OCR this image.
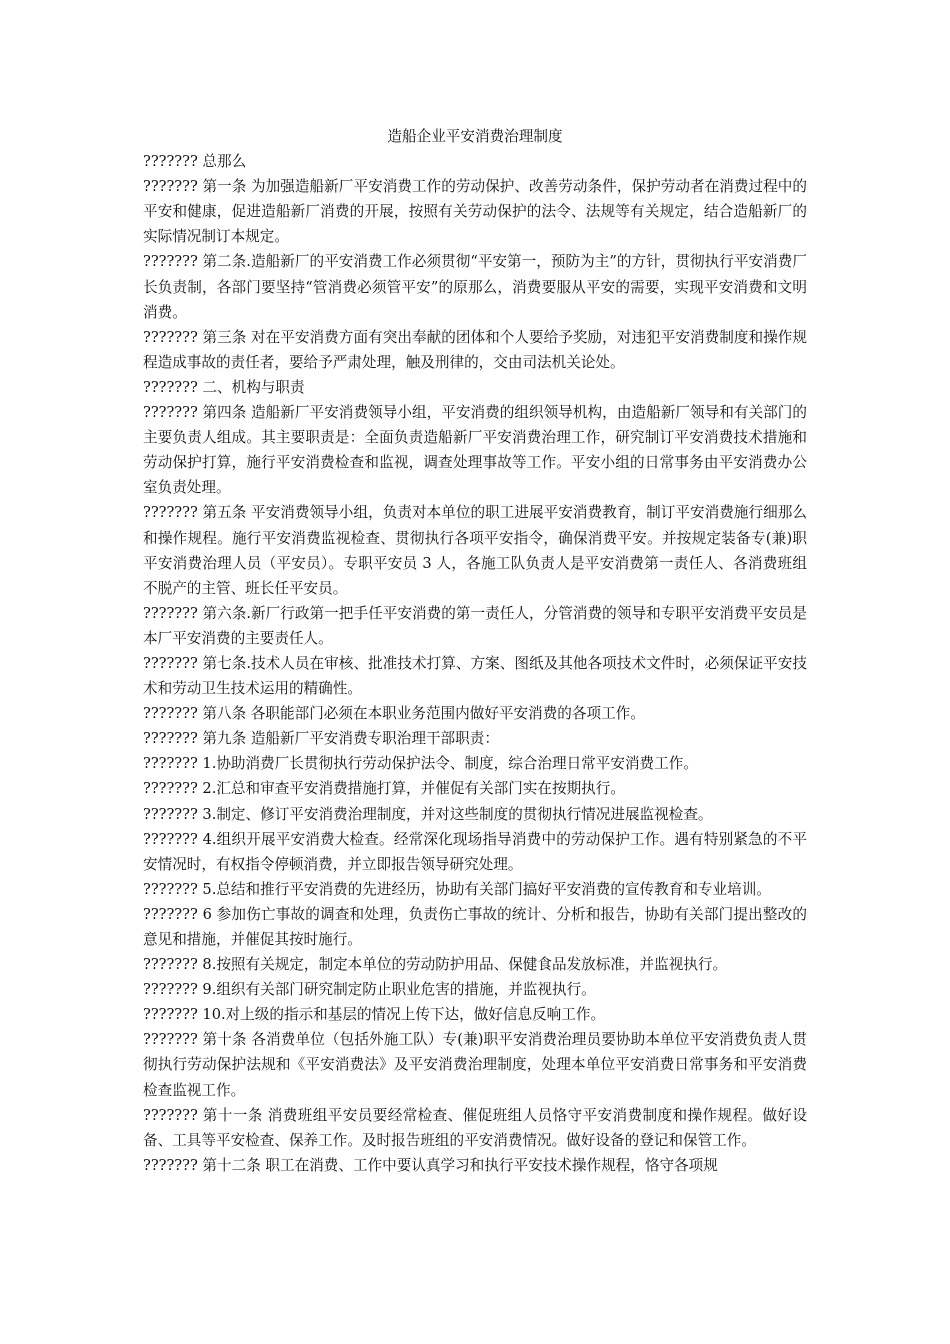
造船企业平安消费治理制度

??????? 总那么

??????? 第一条 为加强造船新厂平安消费工作的劳动保护、改善劳动条件，保护劳动者在消费过程中的平安和健康，促进造船新厂消费的开展，按照有关劳动保护的法令、法规等有关规定，结合造船新厂的实际情况制订本规定。

??????? 第二条.造船新厂的平安消费工作必须贯彻“平安第一，预防为主”的方针，贯彻执行平安消费厂长负责制，各部门要坚持“管消费必须管平安”的原那么，消费要服从平安的需要，实现平安消费和文明消费。

??????? 第三条 对在平安消费方面有突出奉献的团体和个人要给予奖励，对违犯平安消费制度和操作规程造成事故的责任者，要给予严肃处理，触及刑律的，交由司法机关论处。

??????? 二、机构与职责

??????? 第四条 造船新厂平安消费领导小组，平安消费的组织领导机构，由造船新厂领导和有关部门的主要负责人组成。其主要职责是：全面负责造船新厂平安消费治理工作，研究制订平安消费技术措施和劳动保护打算，施行平安消费检查和监视，调查处理事故等工作。平安小组的日常事务由平安消费办公室负责处理。

??????? 第五条 平安消费领导小组，负责对本单位的职工进展平安消费教育，制订平安消费施行细那么和操作规程。施行平安消费监视检查、贯彻执行各项平安指令，确保消费平安。并按规定装备专(兼)职平安消费治理人员（平安员）。专职平安员 3 人，各施工队负责人是平安消费第一责任人、各消费班组不脱产的主管、班长任平安员。

??????? 第六条.新厂行政第一把手任平安消费的第一责任人，分管消费的领导和专职平安消费平安员是本厂平安消费的主要责任人。

??????? 第七条.技术人员在审核、批准技术打算、方案、图纸及其他各项技术文件时，必须保证平安技术和劳动卫生技术运用的精确性。

??????? 第八条 各职能部门必须在本职业务范围内做好平安消费的各项工作。

??????? 第九条 造船新厂平安消费专职治理干部职责：

??????? 1.协助消费厂长贯彻执行劳动保护法令、制度，综合治理日常平安消费工作。

??????? 2.汇总和审查平安消费措施打算，并催促有关部门实在按期执行。

??????? 3.制定、修订平安消费治理制度，并对这些制度的贯彻执行情况进展监视检查。

??????? 4.组织开展平安消费大检查。经常深化现场指导消费中的劳动保护工作。遇有特别紧急的不平安情况时，有权指令停顿消费，并立即报告领导研究处理。

??????? 5.总结和推行平安消费的先进经历，协助有关部门搞好平安消费的宣传教育和专业培训。

??????? 6 参加伤亡事故的调查和处理，负责伤亡事故的统计、分析和报告，协助有关部门提出整改的意见和措施，并催促其按时施行。

??????? 8.按照有关规定，制定本单位的劳动防护用品、保健食品发放标准，并监视执行。

??????? 9.组织有关部门研究制定防止职业危害的措施，并监视执行。

??????? 10.对上级的指示和基层的情况上传下达，做好信息反响工作。

??????? 第十条 各消费单位（包括外施工队）专(兼)职平安消费治理员要协助本单位平安消费负责人贯彻执行劳动保护法规和《平安消费法》及平安消费治理制度，处理本单位平安消费日常事务和平安消费检查监视工作。

??????? 第十一条 消费班组平安员要经常检查、催促班组人员恪守平安消费制度和操作规程。做好设备、工具等平安检查、保养工作。及时报告班组的平安消费情况。做好设备的登记和保管工作。

??????? 第十二条 职工在消费、工作中要认真学习和执行平安技术操作规程，恪守各项规
